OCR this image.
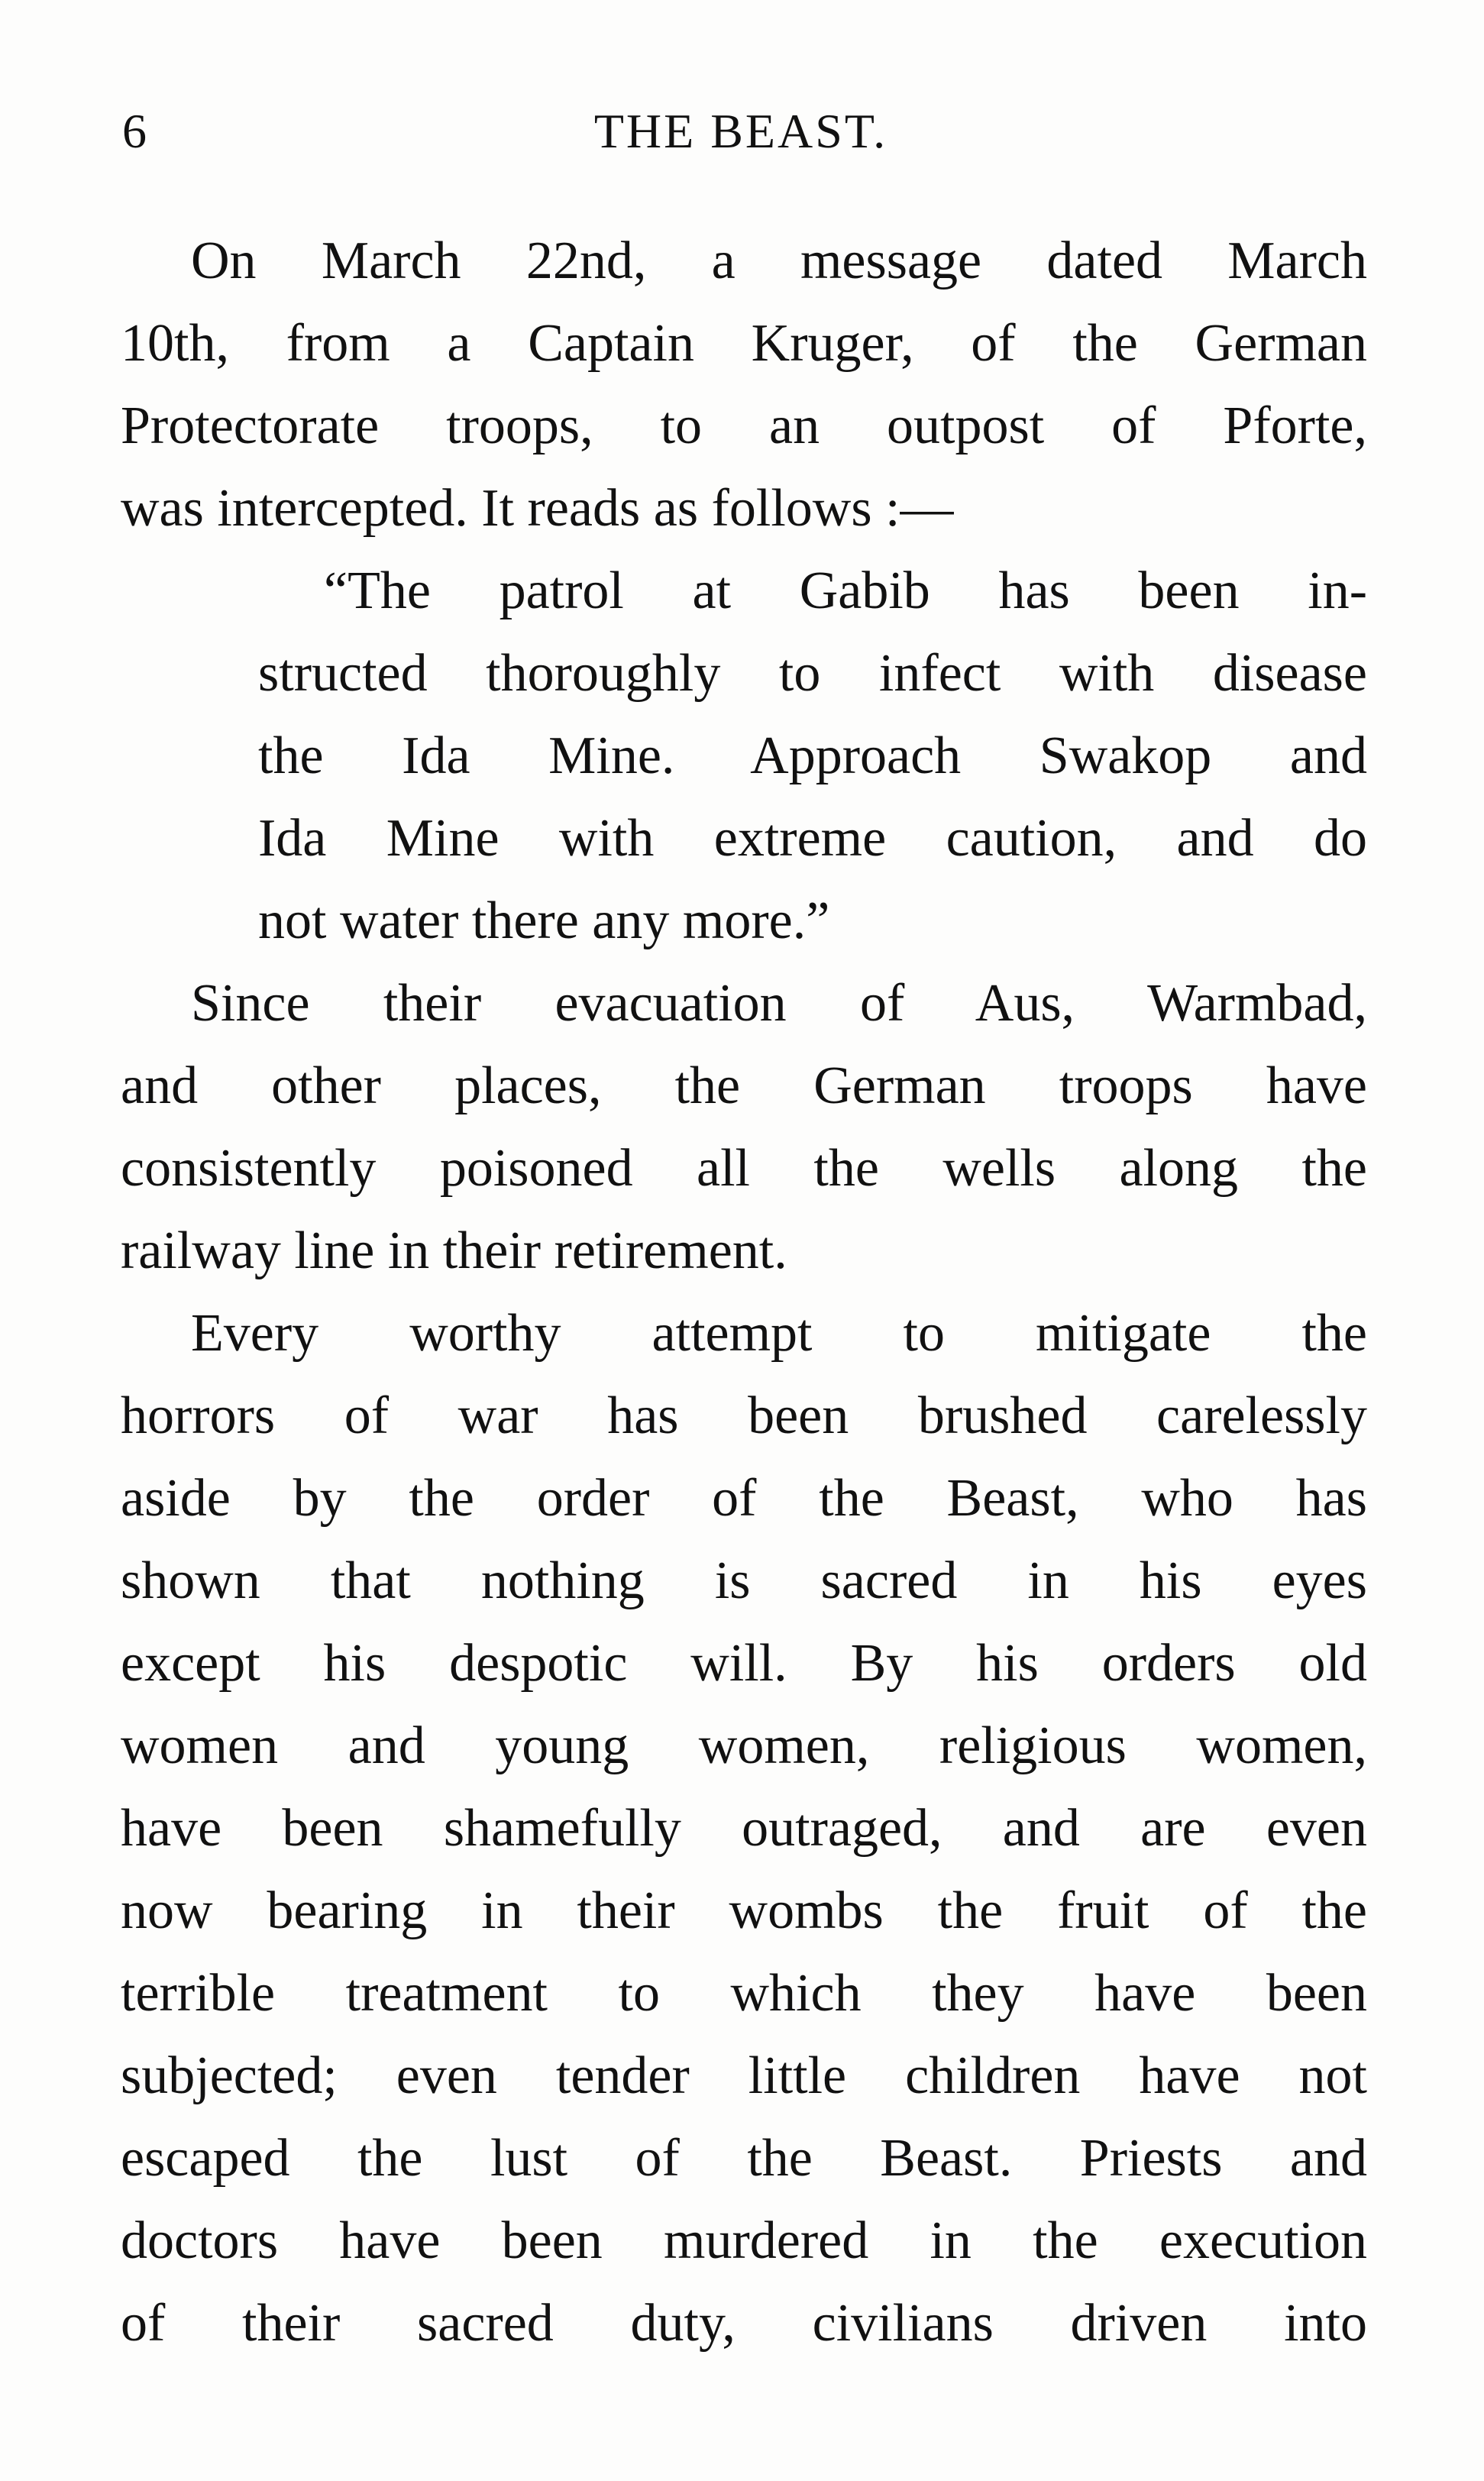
6	THE BEAST.
On March 22nd, a message dated March
10th, from a Captain Kruger, of the German
Protectorate troops, to an outpost of Pforte,
was intercepted. It reads as follows :—
“The patrol at Gabib has been in-
structed thoroughly to infect with disease
the Ida Mine. Approach Swakop and
Ida Mine with extreme caution, and do
not water there any more.”
Since their evacuation of Aus, Warmbad,
and other places, the German troops have
consistently poisoned all the wells along the
railway line in their retirement.
Every worthy attempt to mitigate the
horrors of war has been brushed carelessly
aside by the order of the Beast, who has
shown that nothing is sacred in his eyes
except his despotic will. By his orders old
women and young women, religious women,
have been shamefully outraged, and are even
now bearing in their wombs the fruit of the
terrible treatment to which they have been
subjected; even tender little children have not
escaped the lust of the Beast. Priests and
doctors have been murdered in the execution
of their sacred duty, civilians driven into
